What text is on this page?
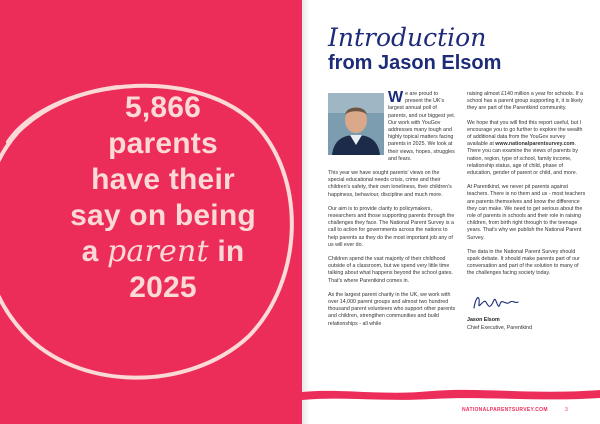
5,866
parents
have their
say on being
a parent in
2025
Introduction
from Jason Elsom

We are proud to present the UK's largest annual poll of parents, and our biggest yet. Our work with YouGov addresses many tough and highly topical matters facing parents in 2025. We look at their views, hopes, struggles and fears.

This year we have sought parents' views on the special educational needs crisis, crime and their children's safety, their own loneliness, their children's happiness, behaviour, discipline and much more.

Our aim is to provide clarity to policymakers, researchers and those supporting parents through the challenges they face. The National Parent Survey is a call to action for governments across the nations to help parents as they do the most important job any of us will ever do.

Children spend the vast majority of their childhood outside of a classroom, but we spend very little time talking about what happens beyond the school gates. That's where Parentkind comes in.

As the largest parent charity in the UK, we work with over 14,000 parent groups and almost two hundred thousand parent volunteers who support other parents and children, strengthen communities and build relationships - all while

raising almost £140 million a year for schools. If a school has a parent group supporting it, it is likely they are part of the Parentkind community.

We hope that you will find this report useful, but I encourage you to go further to explore the wealth of additional data from the YouGov survey available at www.nationalparentsurvey.com. There you can examine the views of parents by nation, region, type of school, family income, relationship status, age of child, phase of education, gender of parent or child, and more.

At Parentkind, we never pit parents against teachers. There is no them and us - most teachers are parents themselves and know the difference they can make. We need to get serious about the role of parents in schools and their role in raising children, from birth right through to the teenage years. That's why we publish the National Parent Survey.

The data in the National Parent Survey should spark debate. It should make parents part of our conversation and part of the solution to many of the challenges facing society today.

Jason Elsom
Chief Executive, Parentkind
NATIONALPARENTSURVEY.COM	3
